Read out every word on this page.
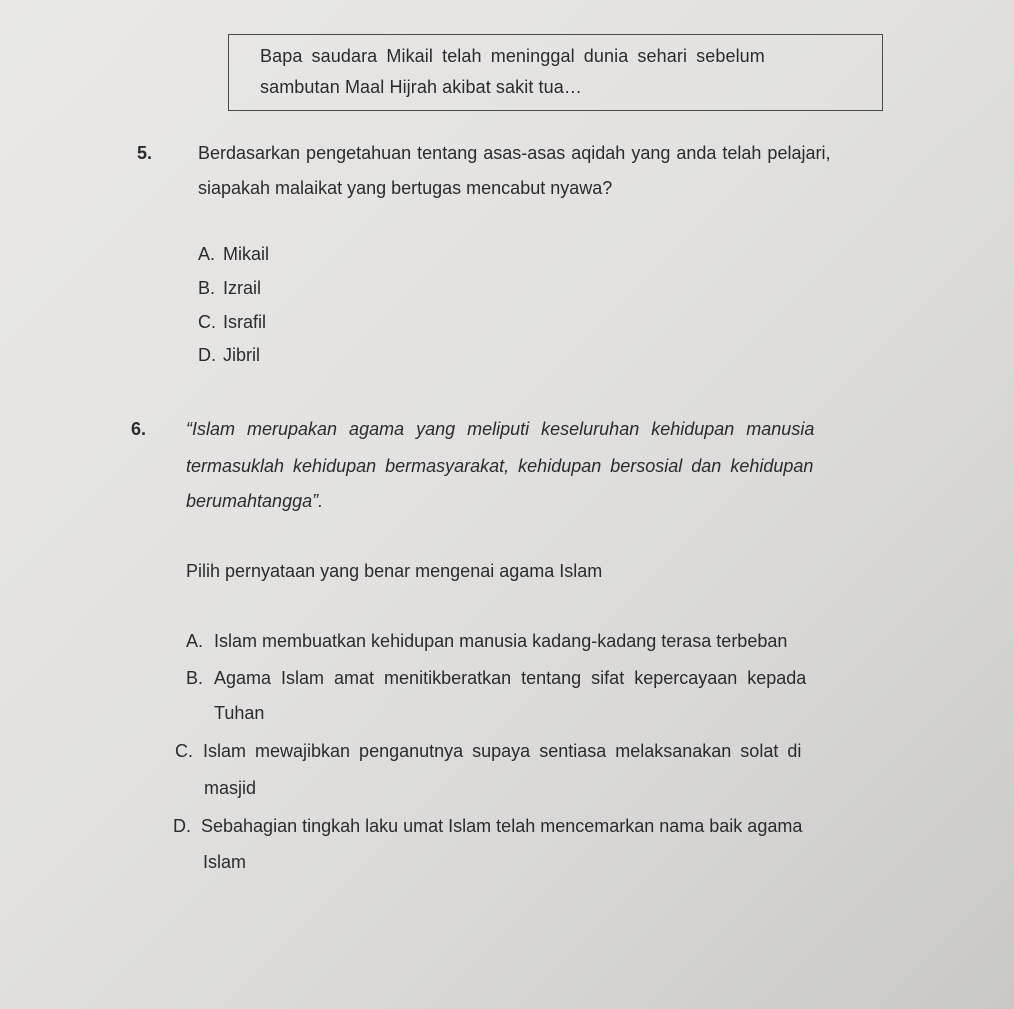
Bapa saudara Mikail telah meninggal dunia sehari sebelum
sambutan Maal Hijrah akibat sakit tua…
5.	Berdasarkan pengetahuan tentang asas-asas aqidah yang anda telah pelajari,
siapakah malaikat yang bertugas mencabut nyawa?
A. Mikail
B. Izrail
C. Israfil
D. Jibril
6. “Islam merupakan agama yang meliputi keseluruhan kehidupan manusia
termasuklah kehidupan bermasyarakat, kehidupan bersosial dan kehidupan
berumahtangga”.
Pilih pernyataan yang benar mengenai agama Islam
A. Islam membuatkan kehidupan manusia kadang-kadang terasa terbeban
B. Agama Islam amat menitikberatkan tentang sifat kepercayaan kepada
Tuhan
C. Islam mewajibkan penganutnya supaya sentiasa melaksanakan solat di
masjid
D. Sebahagian tingkah laku umat Islam telah mencemarkan nama baik agama
Islam
